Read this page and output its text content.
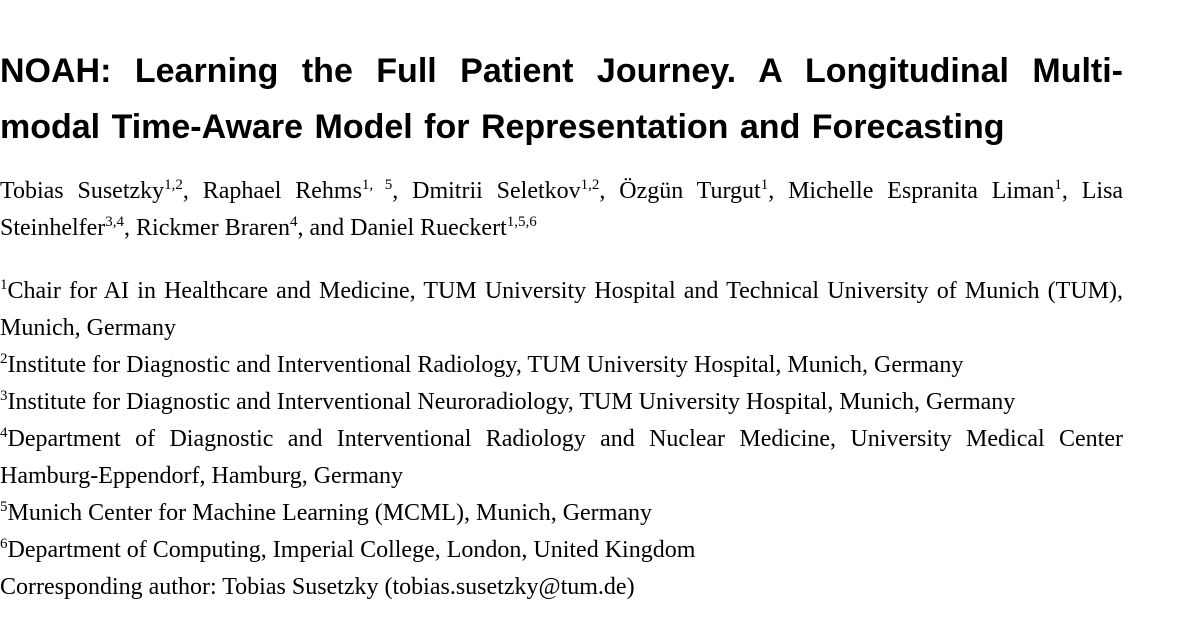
NOAH: Learning the Full Patient Journey. A Longitudinal Multi-modal Time-Aware Model for Representation and Forecasting

Tobias Susetzky$^{1,2}$, Raphael Rehms$^{1, 5}$, Dmitrii Seletkov$^{1,2}$, Özgün Turgut$^1$, Michelle Espranita Liman$^1$, Lisa Steinhelfer$^{3,4}$, Rickmer Braren$^4$, and Daniel Rueckert$^{1,5,6}$

$^1$Chair for AI in Healthcare and Medicine, TUM University Hospital and Technical University of Munich (TUM), Munich, Germany

$^2$Institute for Diagnostic and Interventional Radiology, TUM University Hospital, Munich, Germany

$^3$Institute for Diagnostic and Interventional Neuroradiology, TUM University Hospital, Munich, Germany

$^4$Department of Diagnostic and Interventional Radiology and Nuclear Medicine, University Medical Center Hamburg-Eppendorf, Hamburg, Germany

$^5$Munich Center for Machine Learning (MCML), Munich, Germany

$^6$Department of Computing, Imperial College, London, United Kingdom

Corresponding author: Tobias Susetzky (tobias.susetzky@tum.de)
